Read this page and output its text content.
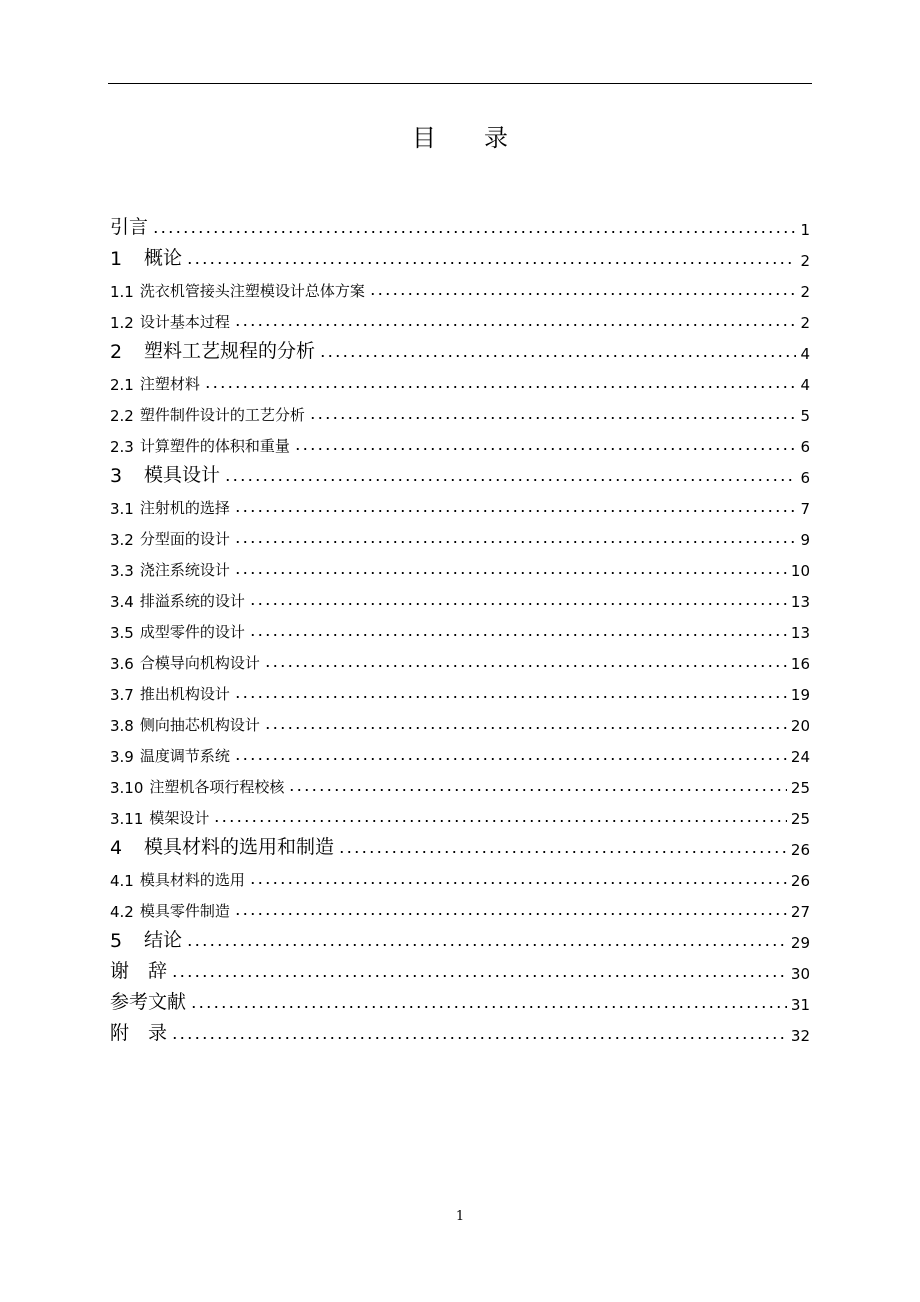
目　　录
引言	1
1	概论	2
1.1 洗衣机管接头注塑模设计总体方案	2
1.2 设计基本过程	2
2	塑料工艺规程的分析	4
2.1 注塑材料	4
2.2 塑件制件设计的工艺分析	5
2.3 计算塑件的体积和重量	6
3	模具设计	6
3.1 注射机的选择	7
3.2 分型面的设计	9
3.3 浇注系统设计	10
3.4 排溢系统的设计	13
3.5 成型零件的设计	13
3.6 合模导向机构设计	16
3.7 推出机构设计	19
3.8 侧向抽芯机构设计	20
3.9 温度调节系统	24
3.10 注塑机各项行程校核	25
3.11 模架设计	25
4	模具材料的选用和制造	26
4.1 模具材料的选用	26
4.2 模具零件制造	27
5	结论	29
谢　辞	30
参考文献	31
附　录	32
1
